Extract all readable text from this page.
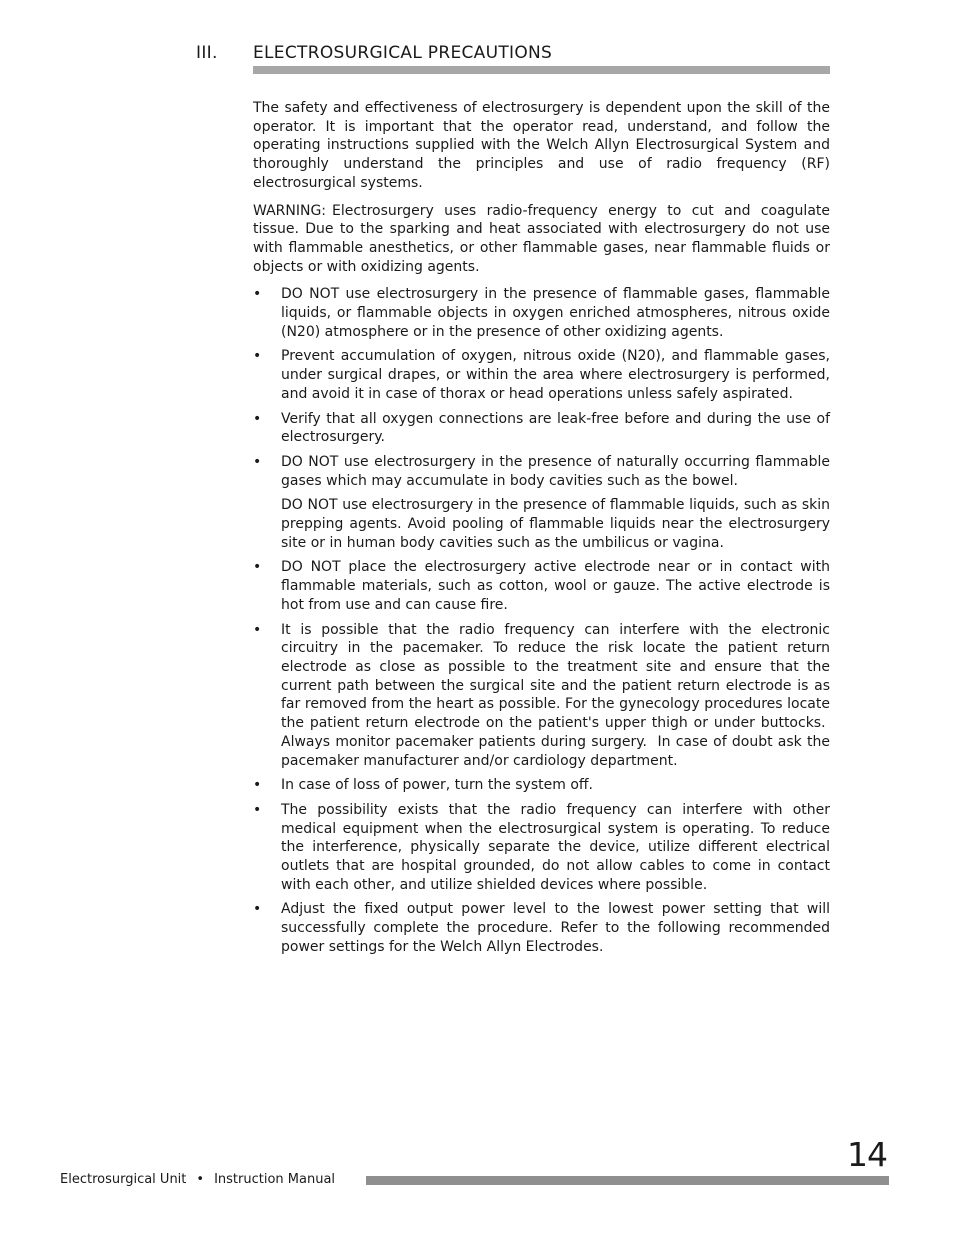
III. ELECTROSURGICAL PRECAUTIONS

The safety and effectiveness of electrosurgery is dependent upon the skill of the operator. It is important that the operator read, understand, and follow the operating instructions supplied with the Welch Allyn Electrosurgical System and thoroughly understand the principles and use of radio frequency (RF) electrosurgical systems.

WARNING: Electrosurgery uses radio-frequency energy to cut and coagulate tissue. Due to the sparking and heat associated with electrosurgery do not use with flammable anesthetics, or other flammable gases, near flammable fluids or objects or with oxidizing agents.

• DO NOT use electrosurgery in the presence of flammable gases, flammable liquids, or flammable objects in oxygen enriched atmospheres, nitrous oxide (N20) atmosphere or in the presence of other oxidizing agents.
• Prevent accumulation of oxygen, nitrous oxide (N20), and flammable gases, under surgical drapes, or within the area where electrosurgery is performed, and avoid it in case of thorax or head operations unless safely aspirated.
• Verify that all oxygen connections are leak-free before and during the use of electrosurgery.
• DO NOT use electrosurgery in the presence of naturally occurring flammable gases which may accumulate in body cavities such as the bowel.
DO NOT use electrosurgery in the presence of flammable liquids, such as skin prepping agents. Avoid pooling of flammable liquids near the electrosurgery site or in human body cavities such as the umbilicus or vagina.
• DO NOT place the electrosurgery active electrode near or in contact with flammable materials, such as cotton, wool or gauze. The active electrode is hot from use and can cause fire.
• It is possible that the radio frequency can interfere with the electronic circuitry in the pacemaker. To reduce the risk locate the patient return electrode as close as possible to the treatment site and ensure that the current path between the surgical site and the patient return electrode is as far removed from the heart as possible. For the gynecology procedures locate the patient return electrode on the patient's upper thigh or under buttocks.  Always monitor pacemaker patients during surgery. In case of doubt ask the pacemaker manufacturer and/or cardiology department.
• In case of loss of power, turn the system off.
• The possibility exists that the radio frequency can interfere with other medical equipment when the electrosurgical system is operating. To reduce the interference, physically separate the device, utilize different electrical outlets that are hospital grounded, do not allow cables to come in contact with each other, and utilize shielded devices where possible.
• Adjust the fixed output power level to the lowest power setting that will successfully complete the procedure. Refer to the following recommended power settings for the Welch Allyn Electrodes.
14
Electrosurgical Unit • Instruction Manual
